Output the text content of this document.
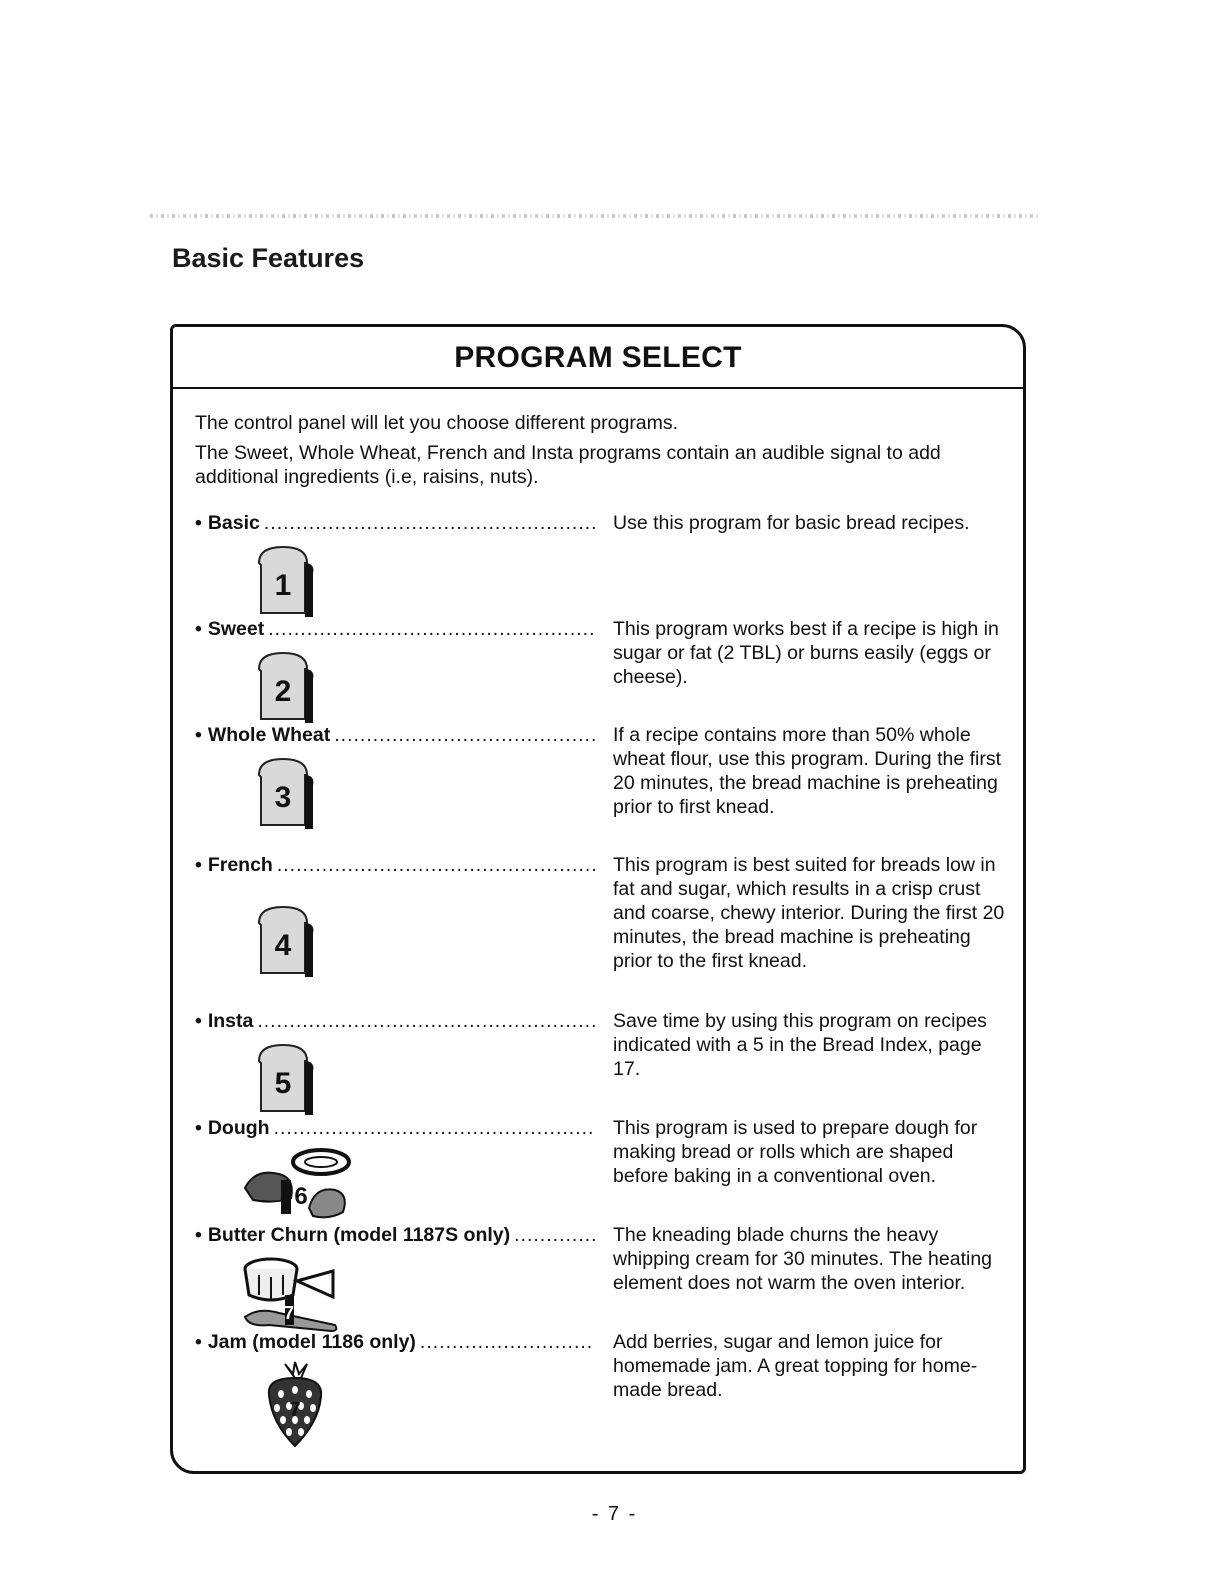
Basic Features
PROGRAM SELECT

The control panel will let you choose different programs.

The Sweet, Whole Wheat, French and Insta programs contain an audible signal to add additional ingredients (i.e, raisins, nuts).

• Basic .....	Use this program for basic bread recipes.

1
• Sweet .....	This program works best if a recipe is high in sugar or fat (2 TBL) or burns easily (eggs or cheese).

2
• Whole Wheat .....	If a recipe contains more than 50% whole wheat flour, use this program. During the first 20 minutes, the bread machine is preheating prior to first knead.

3
• French .....	This program is best suited for breads low in fat and sugar, which results in a crisp crust and coarse, chewy interior. During the first 20 minutes, the bread machine is preheating prior to the first knead.

4
• Insta .....	Save time by using this program on recipes indicated with a 5 in the Bread Index, page 17.

5
• Dough .....	This program is used to prepare dough for making bread or rolls which are shaped before baking in a conventional oven.

6
• Butter Churn (model 1187S only) .....	The kneading blade churns the heavy whipping cream for 30 minutes. The heating element does not warm the oven interior.

7
• Jam (model 1186 only) .....	Add berries, sugar and lemon juice for homemade jam. A great topping for home-made bread.

7
- 7 -
